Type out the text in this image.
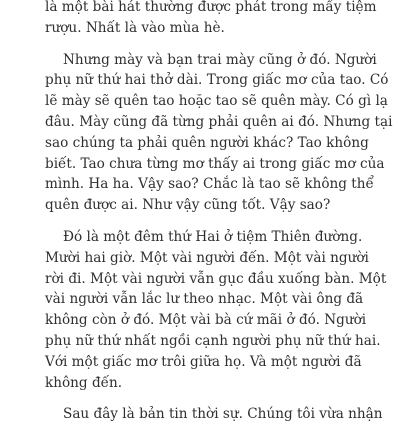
là một bài hát thường được phát trong mấy tiệm
rượu. Nhất là vào mùa hè.
Nhưng mày và bạn trai mày cũng ở đó. Người
phụ nữ thứ hai thở dài. Trong giấc mơ của tao. Có
lẽ mày sẽ quên tao hoặc tao sẽ quên mày. Có gì lạ
đâu. Mày cũng đã từng phải quên ai đó. Nhưng tại
sao chúng ta phải quên người khác? Tao không
biết. Tao chưa từng mơ thấy ai trong giấc mơ của
mình. Ha ha. Vậy sao? Chắc là tao sẽ không thể
quên được ai. Như vậy cũng tốt. Vậy sao?
Đó là một đêm thứ Hai ở tiệm Thiên đường.
Mười hai giờ. Một vài người đến. Một vài người
rời đi. Một vài người vẫn gục đầu xuống bàn. Một
vài người vẫn lắc lư theo nhạc. Một vài ông đã
không còn ở đó. Một vài bà cứ mãi ở đó. Người
phụ nữ thứ nhất ngồi cạnh người phụ nữ thứ hai.
Với một giấc mơ trôi giữa họ. Và một người đã
không đến.
Sau đây là bản tin thời sự. Chúng tôi vừa nhận
